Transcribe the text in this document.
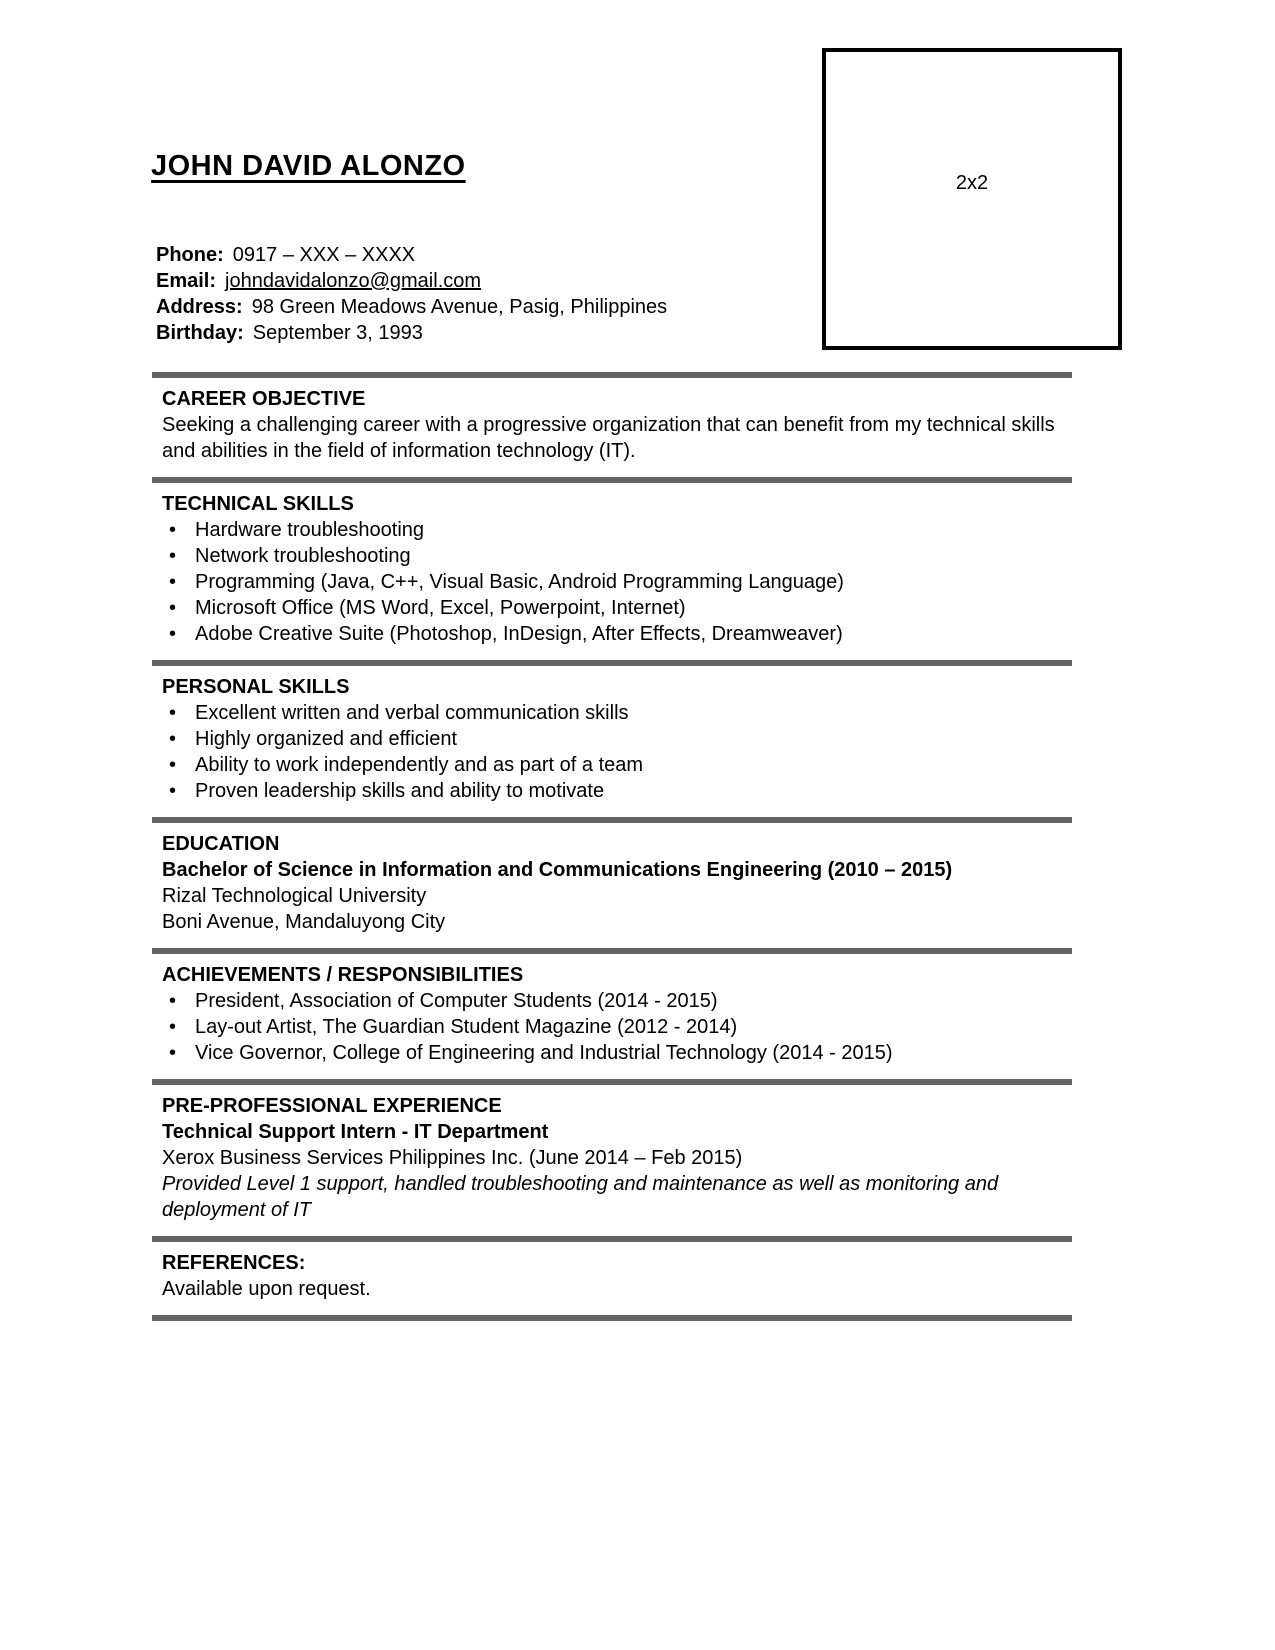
JOHN DAVID ALONZO
2x2
Phone: 0917 – XXX – XXXX
Email: johndavidalonzo@gmail.com
Address: 98 Green Meadows Avenue, Pasig, Philippines
Birthday: September 3, 1993
CAREER OBJECTIVE
Seeking a challenging career with a progressive organization that can benefit from my technical skills and abilities in the field of information technology (IT).
TECHNICAL SKILLS
• Hardware troubleshooting
• Network troubleshooting
• Programming (Java, C++, Visual Basic, Android Programming Language)
• Microsoft Office (MS Word, Excel, Powerpoint, Internet)
• Adobe Creative Suite (Photoshop, InDesign, After Effects, Dreamweaver)
PERSONAL SKILLS
• Excellent written and verbal communication skills
• Highly organized and efficient
• Ability to work independently and as part of a team
• Proven leadership skills and ability to motivate
EDUCATION
Bachelor of Science in Information and Communications Engineering (2010 – 2015)
Rizal Technological University
Boni Avenue, Mandaluyong City
ACHIEVEMENTS / RESPONSIBILITIES
• President, Association of Computer Students (2014 - 2015)
• Lay-out Artist, The Guardian Student Magazine (2012 - 2014)
• Vice Governor, College of Engineering and Industrial Technology (2014 - 2015)
PRE-PROFESSIONAL EXPERIENCE
Technical Support Intern - IT Department
Xerox Business Services Philippines Inc. (June 2014 – Feb 2015)
Provided Level 1 support, handled troubleshooting and maintenance as well as monitoring and deployment of IT
REFERENCES:
Available upon request.
